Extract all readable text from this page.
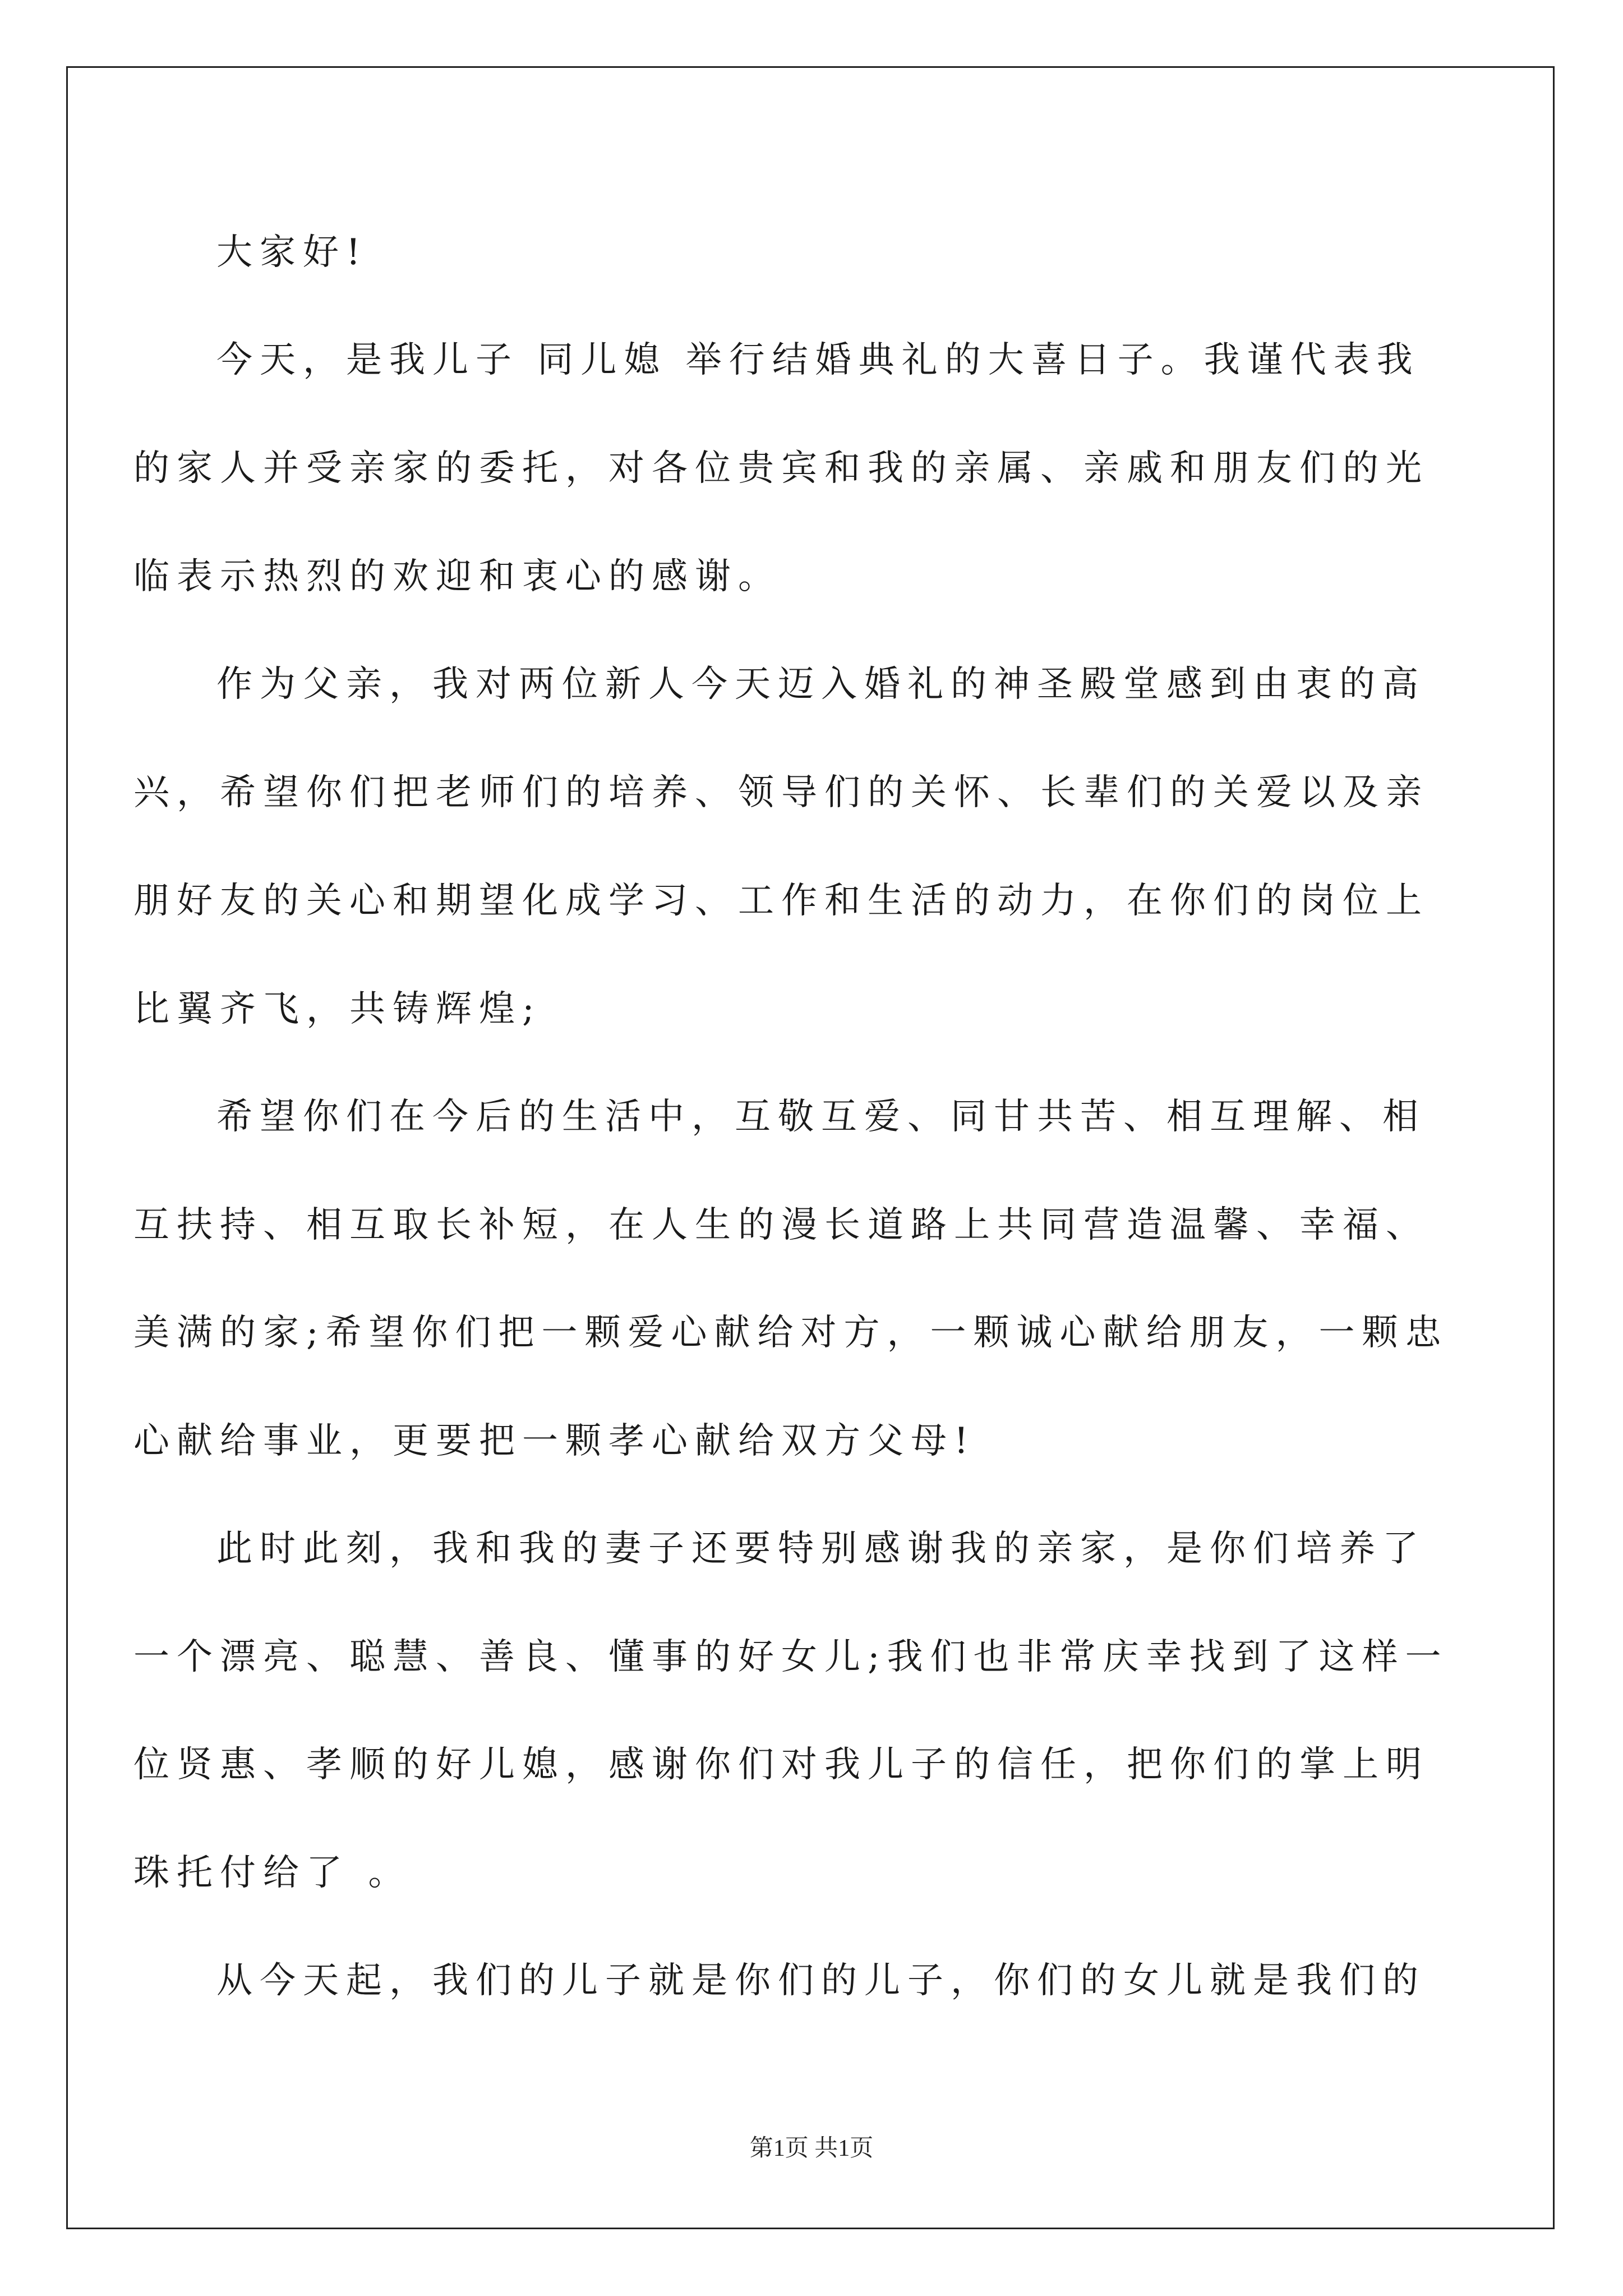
大家好!
今天，是我儿子 同儿媳 举行结婚典礼的大喜日子。我谨代表我
的家人并受亲家的委托，对各位贵宾和我的亲属、亲戚和朋友们的光
临表示热烈的欢迎和衷心的感谢。
作为父亲，我对两位新人今天迈入婚礼的神圣殿堂感到由衷的高
兴，希望你们把老师们的培养、领导们的关怀、长辈们的关爱以及亲
朋好友的关心和期望化成学习、工作和生活的动力，在你们的岗位上
比翼齐飞，共铸辉煌;
希望你们在今后的生活中，互敬互爱、同甘共苦、相互理解、相
互扶持、相互取长补短，在人生的漫长道路上共同营造温馨、幸福、
美满的家;希望你们把一颗爱心献给对方，一颗诚心献给朋友，一颗忠
心献给事业，更要把一颗孝心献给双方父母!
此时此刻，我和我的妻子还要特别感谢我的亲家，是你们培养了
一个漂亮、聪慧、善良、懂事的好女儿;我们也非常庆幸找到了这样一
位贤惠、孝顺的好儿媳，感谢你们对我儿子的信任，把你们的掌上明
珠托付给了 。
从今天起，我们的儿子就是你们的儿子，你们的女儿就是我们的
第1页 共1页
